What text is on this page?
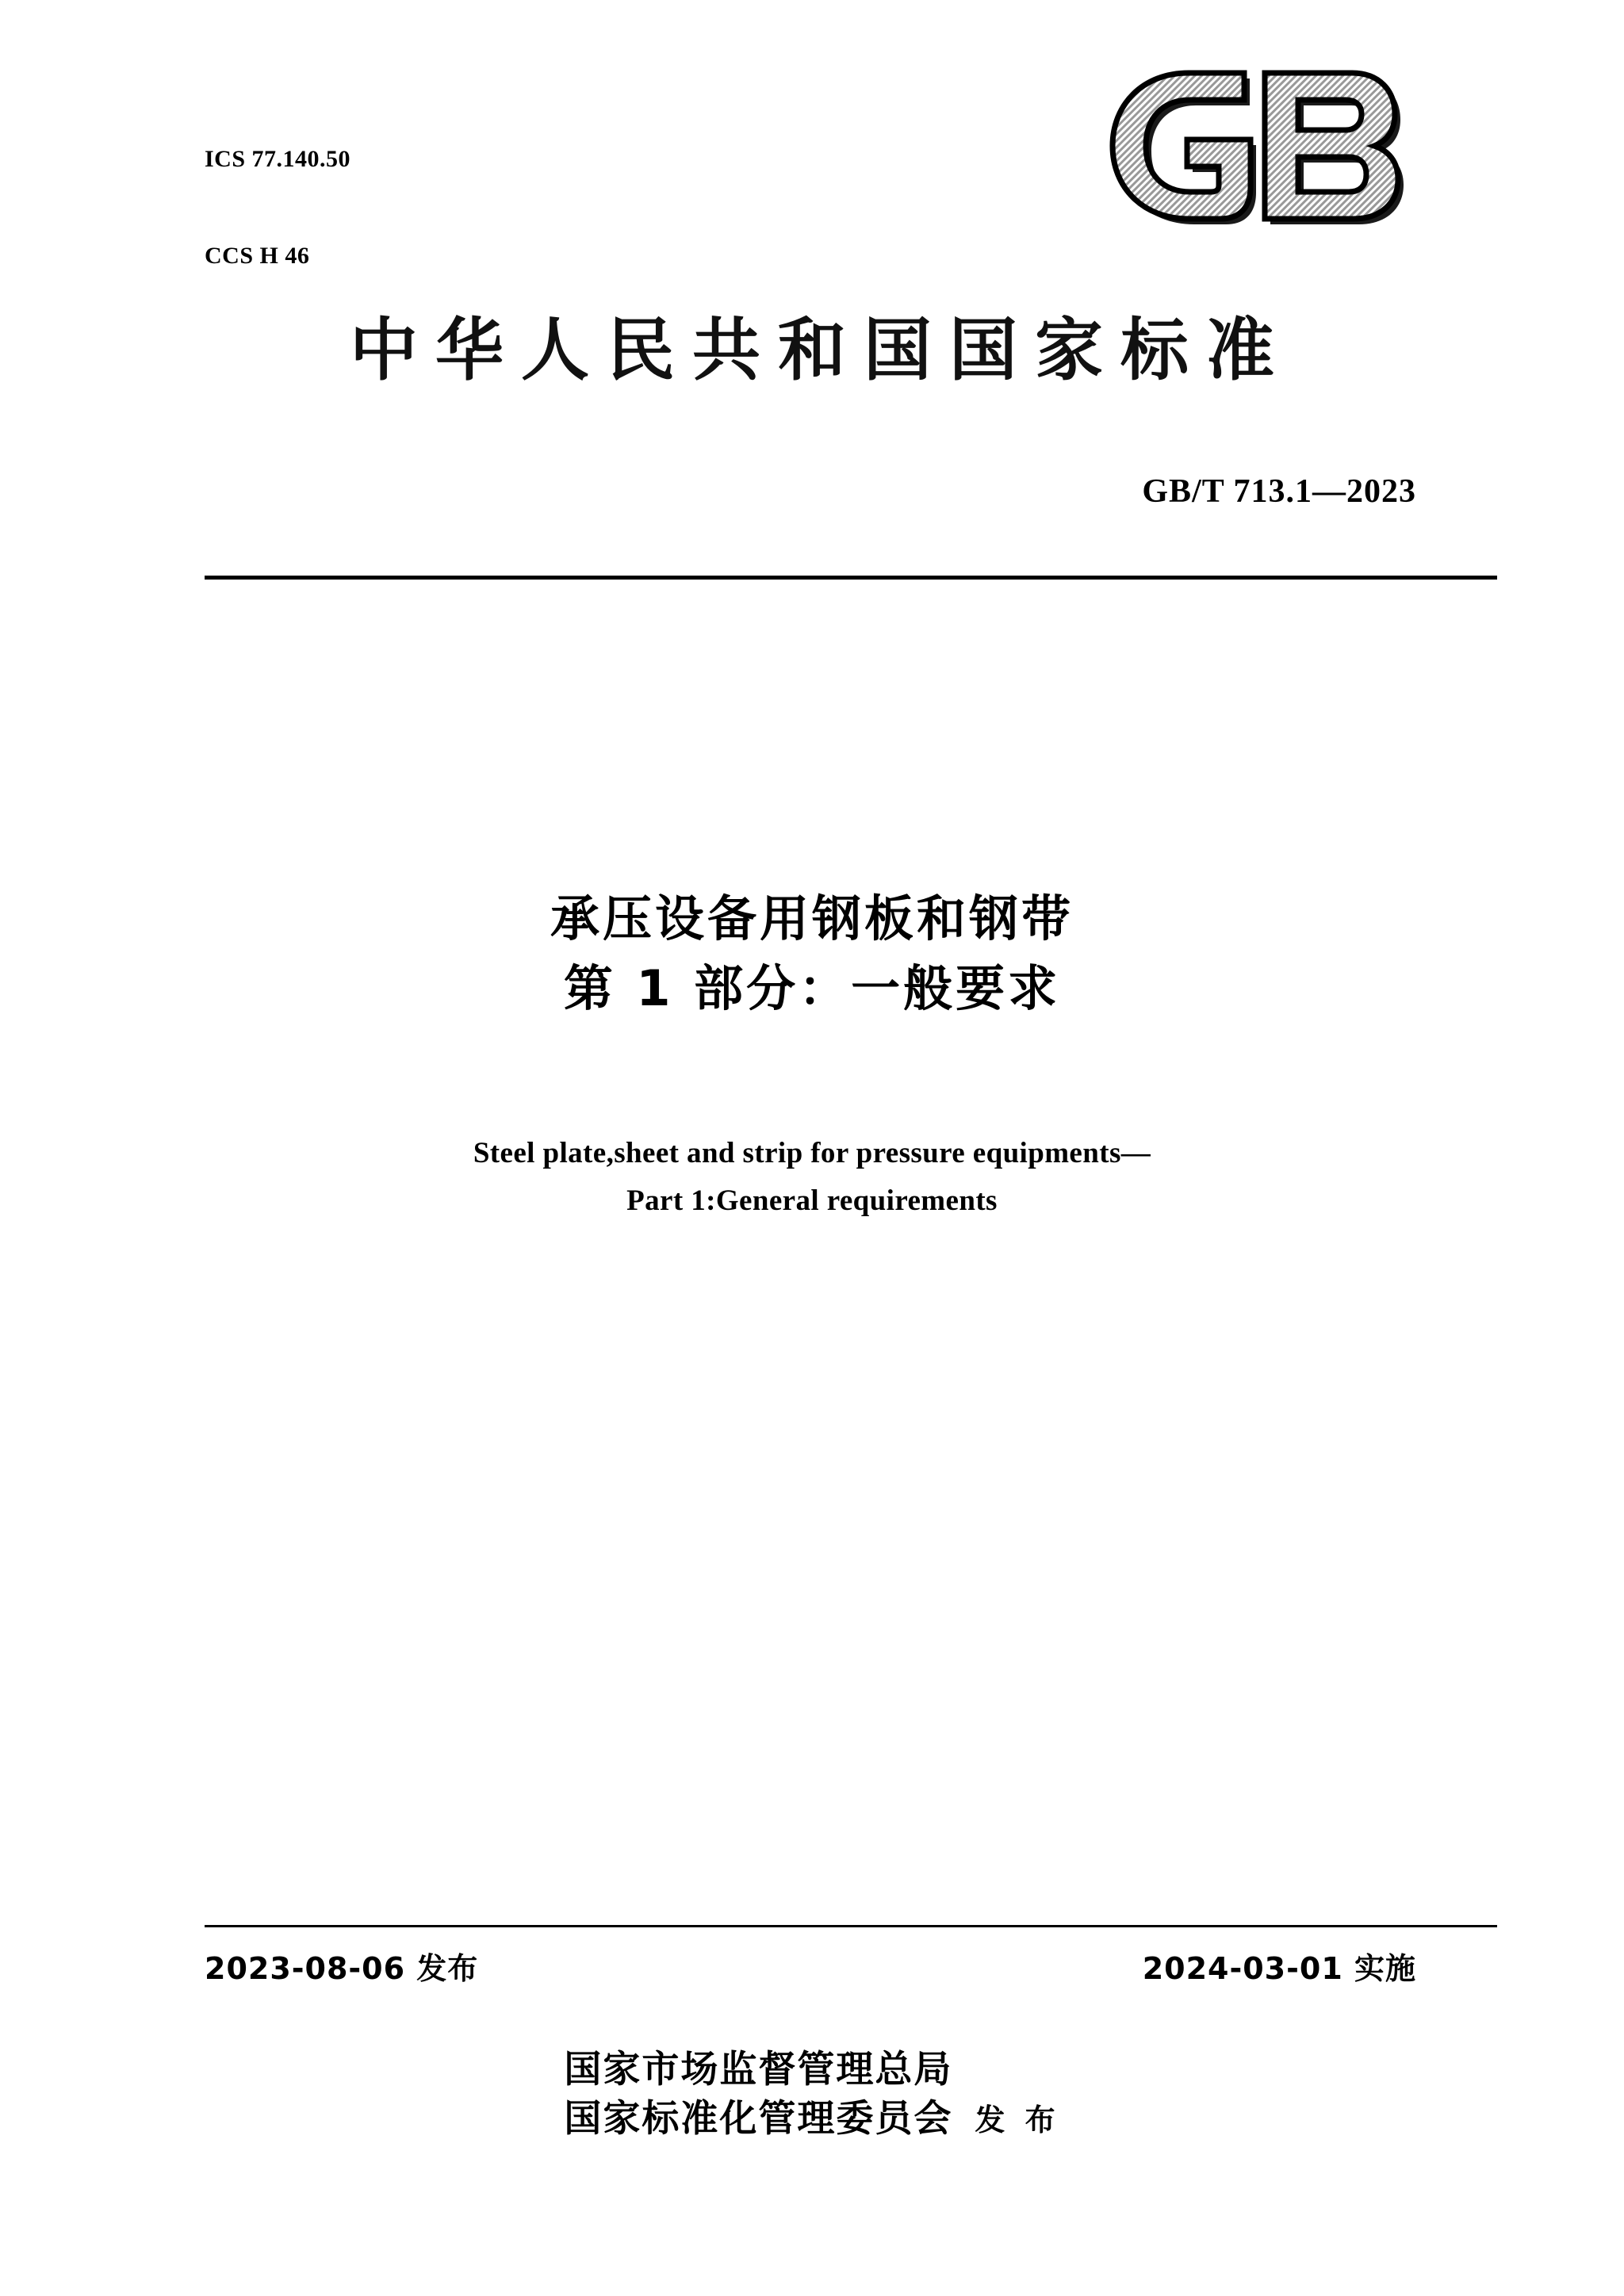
ICS 77.140.50

CCS H 46

中华人民共和国国家标准
GB/T 713.1—2023
承压设备用钢板和钢带
第 1 部分：一般要求
Steel plate,sheet and strip for pressure equipments—
Part 1:General requirements
2023-08-06 发布	2024-03-01 实施
国家市场监督管理总局
国家标准化管理委员会 发 布
